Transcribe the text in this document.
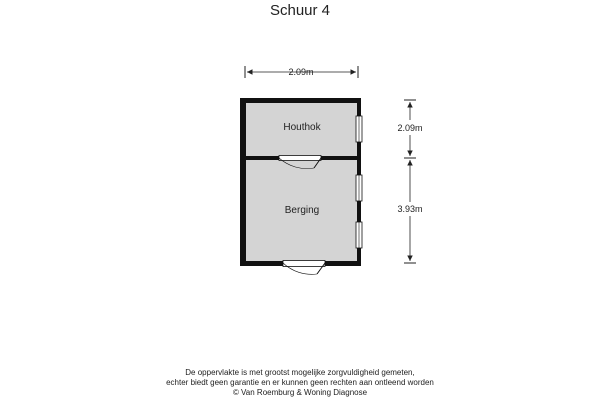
Schuur 4
2.09m
2.09m
3.93m
Houthok
Berging
De oppervlakte is met grootst mogelijke zorgvuldigheid gemeten,
echter biedt geen garantie en er kunnen geen rechten aan ontleend worden
© Van Roemburg & Woning Diagnose
